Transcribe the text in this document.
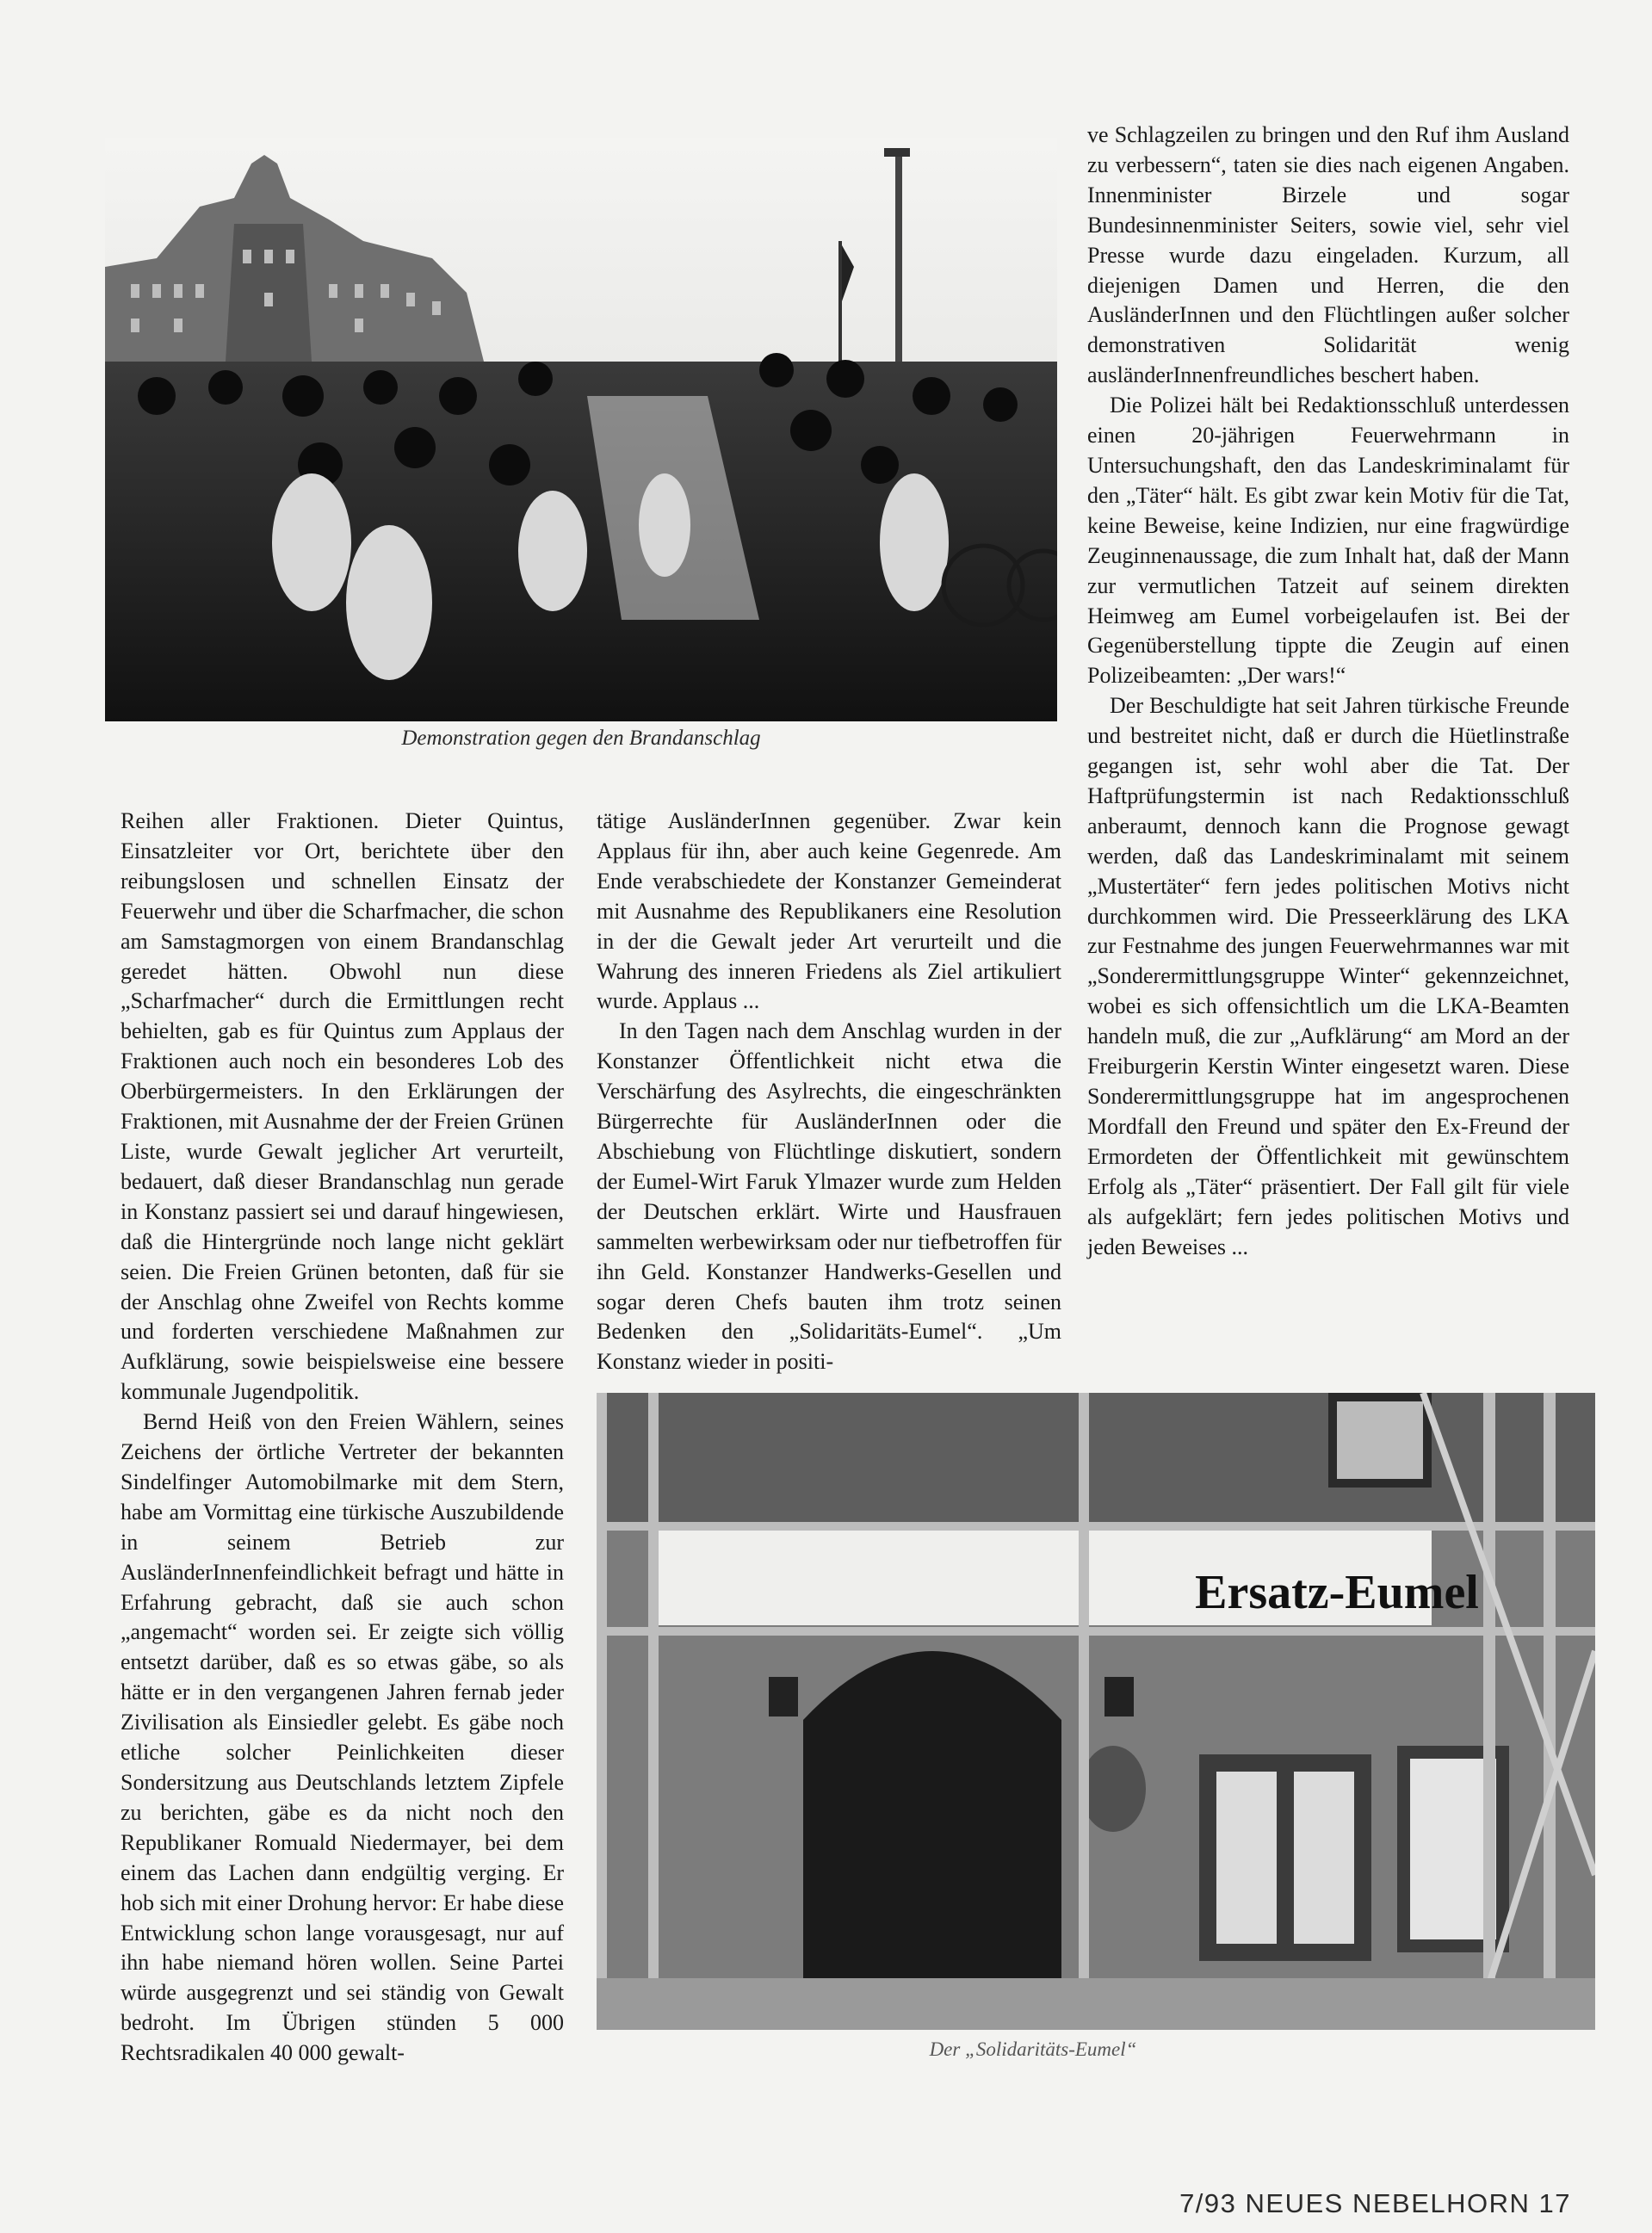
Demonstration gegen den Brandanschlag

ve Schlagzeilen zu bringen und den Ruf ihm Ausland zu verbessern“, taten sie dies nach eigenen Angaben. Innenminister Birzele und sogar Bundesinnenminister Seiters, sowie viel, sehr viel Presse wurde dazu eingeladen. Kurzum, all diejenigen Damen und Herren, die den AusländerInnen und den Flüchtlingen außer solcher demonstrativen Solidarität wenig ausländerInnenfreundliches beschert haben.

Die Polizei hält bei Redaktionsschluß unterdessen einen 20-jährigen Feuerwehrmann in Untersuchungshaft, den das Landeskriminalamt für den „Täter“ hält. Es gibt zwar kein Motiv für die Tat, keine Beweise, keine Indizien, nur eine fragwürdige Zeuginnenaussage, die zum Inhalt hat, daß der Mann zur vermutlichen Tatzeit auf seinem direkten Heimweg am Eumel vorbeigelaufen ist. Bei der Gegenüberstellung tippte die Zeugin auf einen Polizeibeamten: „Der wars!“

Der Beschuldigte hat seit Jahren türkische Freunde und bestreitet nicht, daß er durch die Hüetlinstraße gegangen ist, sehr wohl aber die Tat. Der Haftprüfungstermin ist nach Redaktionsschluß anberaumt, dennoch kann die Prognose gewagt werden, daß das Landeskriminalamt mit seinem „Mustertäter“ fern jedes politischen Motivs nicht durchkommen wird. Die Presseerklärung des LKA zur Festnahme des jungen Feuerwehrmannes war mit „Sonderermittlungsgruppe Winter“ gekennzeichnet, wobei es sich offensichtlich um die LKA-Beamten handeln muß, die zur „Aufklärung“ am Mord an der Freiburgerin Kerstin Winter eingesetzt waren. Diese Sonderermittlungsgruppe hat im angesprochenen Mordfall den Freund und später den Ex-Freund der Ermordeten der Öffentlichkeit mit gewünschtem Erfolg als „Täter“ präsentiert. Der Fall gilt für viele als aufgeklärt; fern jedes politischen Motivs und jeden Beweises ...

Reihen aller Fraktionen. Dieter Quintus, Einsatzleiter vor Ort, berichtete über den reibungslosen und schnellen Einsatz der Feuerwehr und über die Scharfmacher, die schon am Samstagmorgen von einem Brandanschlag geredet hätten. Obwohl nun diese „Scharfmacher“ durch die Ermittlungen recht behielten, gab es für Quintus zum Applaus der Fraktionen auch noch ein besonderes Lob des Oberbürgermeisters. In den Erklärungen der Fraktionen, mit Ausnahme der der Freien Grünen Liste, wurde Gewalt jeglicher Art verurteilt, bedauert, daß dieser Brandanschlag nun gerade in Konstanz passiert sei und darauf hingewiesen, daß die Hintergründe noch lange nicht geklärt seien. Die Freien Grünen betonten, daß für sie der Anschlag ohne Zweifel von Rechts komme und forderten verschiedene Maßnahmen zur Aufklärung, sowie beispielsweise eine bessere kommunale Jugendpolitik.

Bernd Heiß von den Freien Wählern, seines Zeichens der örtliche Vertreter der bekannten Sindelfinger Automobilmarke mit dem Stern, habe am Vormittag eine türkische Auszubildende in seinem Betrieb zur AusländerInnenfeindlichkeit befragt und hätte in Erfahrung gebracht, daß sie auch schon „angemacht“ worden sei. Er zeigte sich völlig entsetzt darüber, daß es so etwas gäbe, so als hätte er in den vergangenen Jahren fernab jeder Zivilisation als Einsiedler gelebt. Es gäbe noch etliche solcher Peinlichkeiten dieser Sondersitzung aus Deutschlands letztem Zipfele zu berichten, gäbe es da nicht noch den Republikaner Romuald Niedermayer, bei dem einem das Lachen dann endgültig verging. Er hob sich mit einer Drohung hervor: Er habe diese Entwicklung schon lange vorausgesagt, nur auf ihn habe niemand hören wollen. Seine Partei würde ausgegrenzt und sei ständig von Gewalt bedroht. Im Übrigen stünden 5 000 Rechtsradikalen 40 000 gewalt-

tätige AusländerInnen gegenüber. Zwar kein Applaus für ihn, aber auch keine Gegenrede. Am Ende verabschiedete der Konstanzer Gemeinderat mit Ausnahme des Republikaners eine Resolution in der die Gewalt jeder Art verurteilt und die Wahrung des inneren Friedens als Ziel artikuliert wurde. Applaus ...

In den Tagen nach dem Anschlag wurden in der Konstanzer Öffentlichkeit nicht etwa die Verschärfung des Asylrechts, die eingeschränkten Bürgerrechte für AusländerInnen oder die Abschiebung von Flüchtlinge diskutiert, sondern der Eumel-Wirt Faruk Ylmazer wurde zum Helden der Deutschen erklärt. Wirte und Hausfrauen sammelten werbewirksam oder nur tiefbetroffen für ihn Geld. Konstanzer Handwerks-Gesellen und sogar deren Chefs bauten ihm trotz seinen Bedenken den „Solidaritäts-Eumel“. „Um Konstanz wieder in positi-

Ersatz-Eumel
Der „Solidaritäts-Eumel“
7/93 NEUES NEBELHORN 17
